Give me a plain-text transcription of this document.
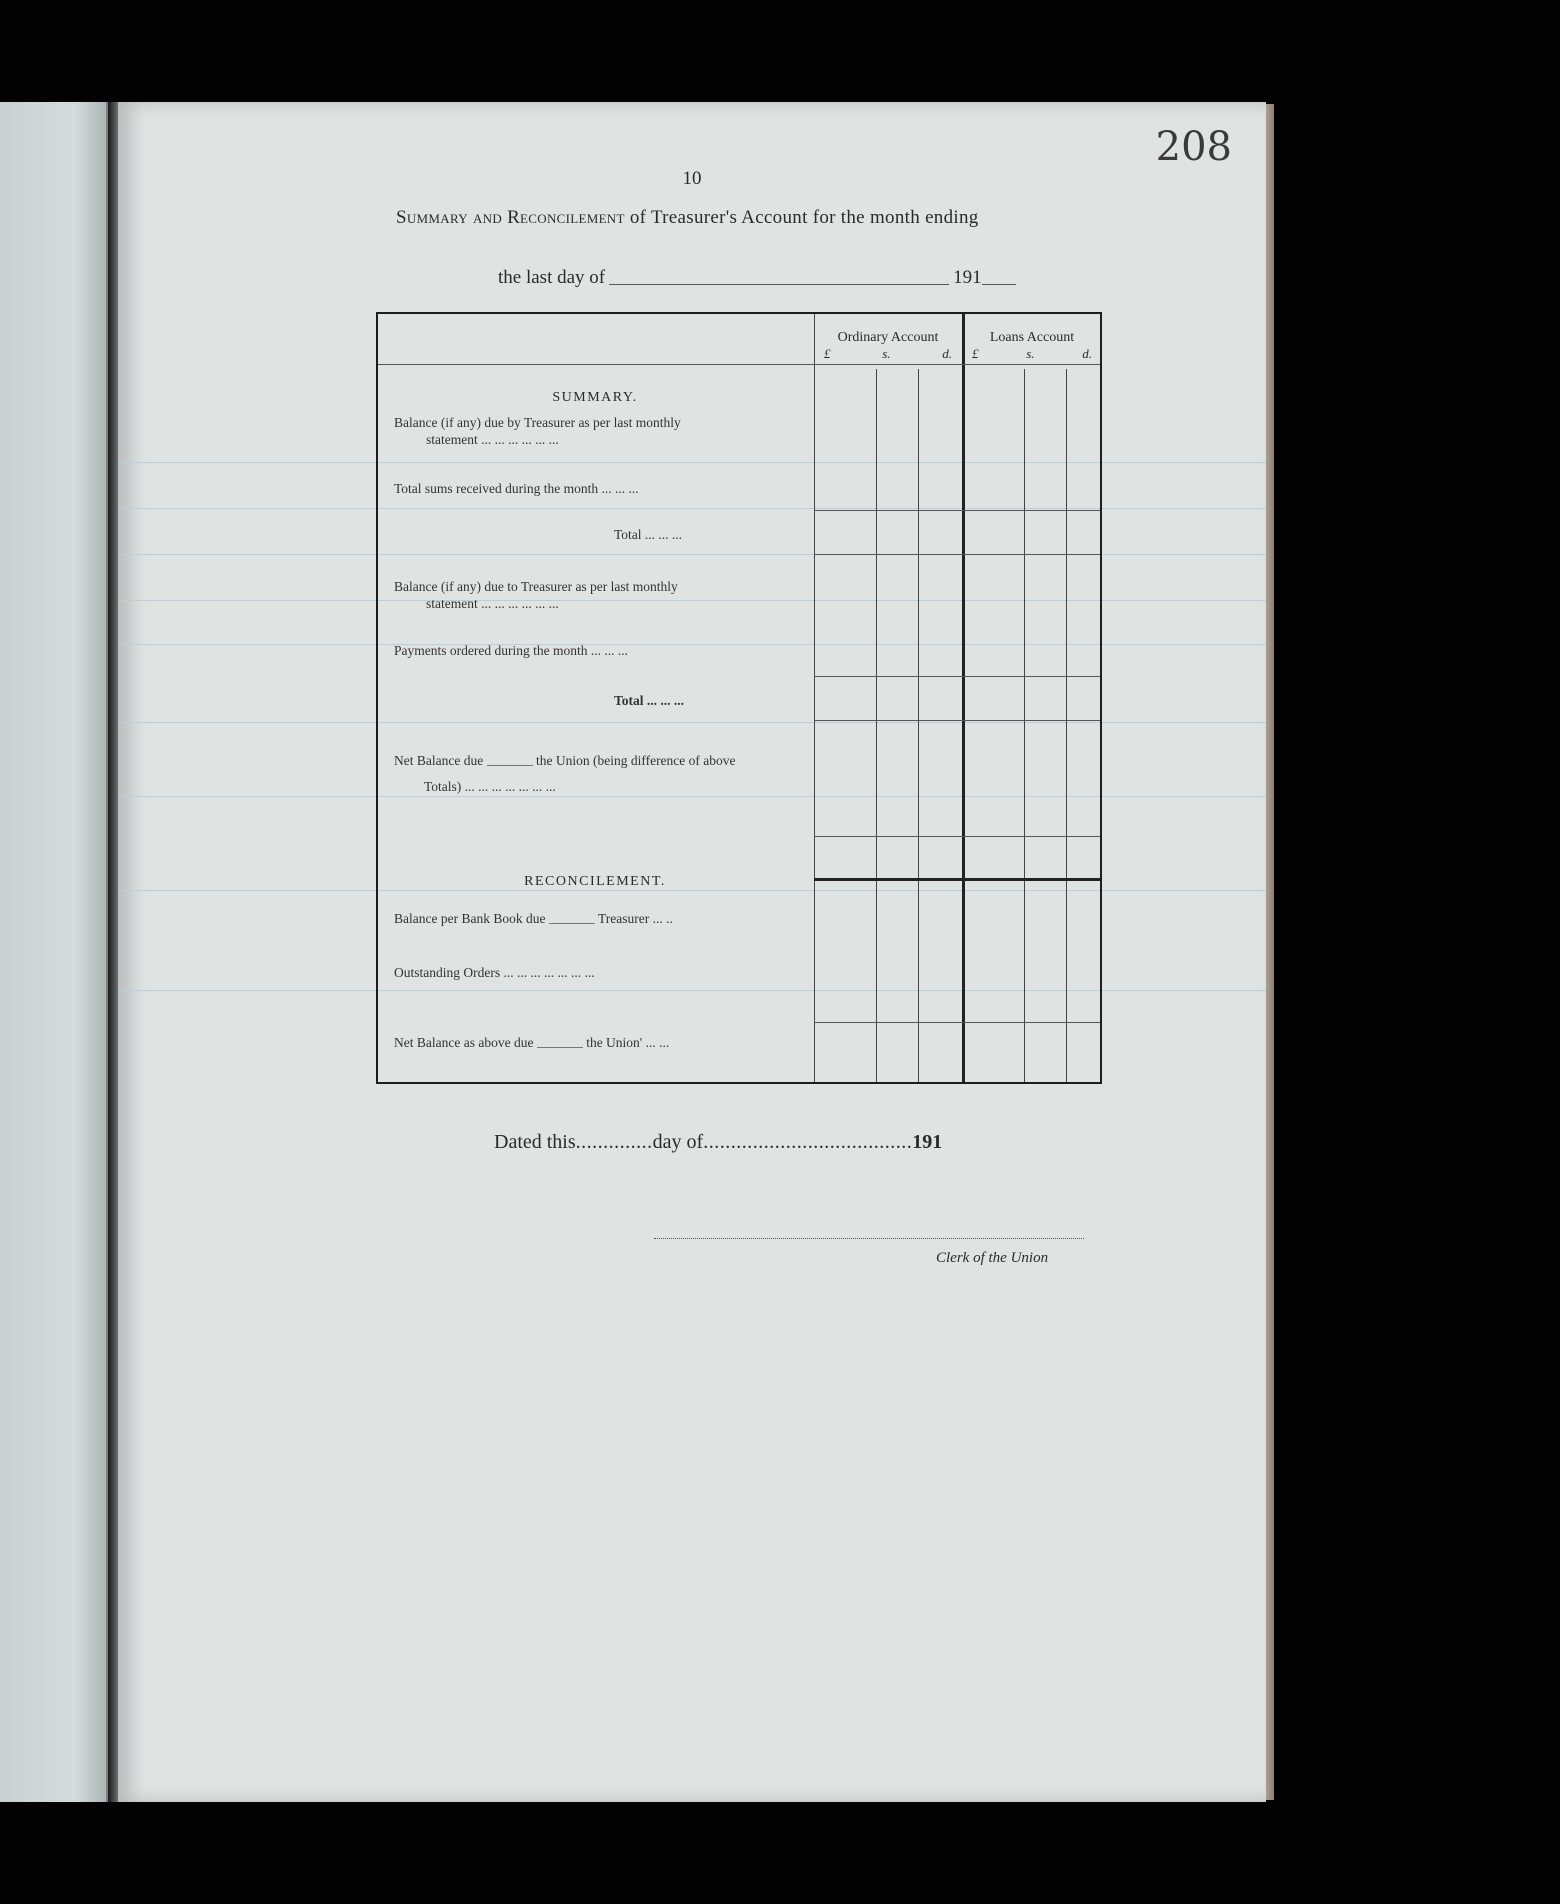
208
10
Summary and Reconcilement of Treasurer's Account for the month ending
the last day of	191
Ordinary Account
£	s.	d.
Loans Account
£	s.	d.
SUMMARY.
Balance (if any) due by Treasurer as per last monthly
statement ... ... ... ... ... ...
Total sums received during the month ... ... ...
Total ... ... ...
Balance (if any) due to Treasurer as per last monthly
statement ... ... ... ... ... ...
Payments ordered during the month ... ... ...
Total ... ... ...
Net Balance due	the Union (being difference of above
Totals) ... ... ... ... ... ... ...
RECONCILEMENT.
Balance per Bank Book due	Treasurer ... ..
Outstanding Orders ... ... ... ... ... ... ...
Net Balance as above due	the Union' ... ...
Dated this..............day of......................................191
Clerk of the Union
